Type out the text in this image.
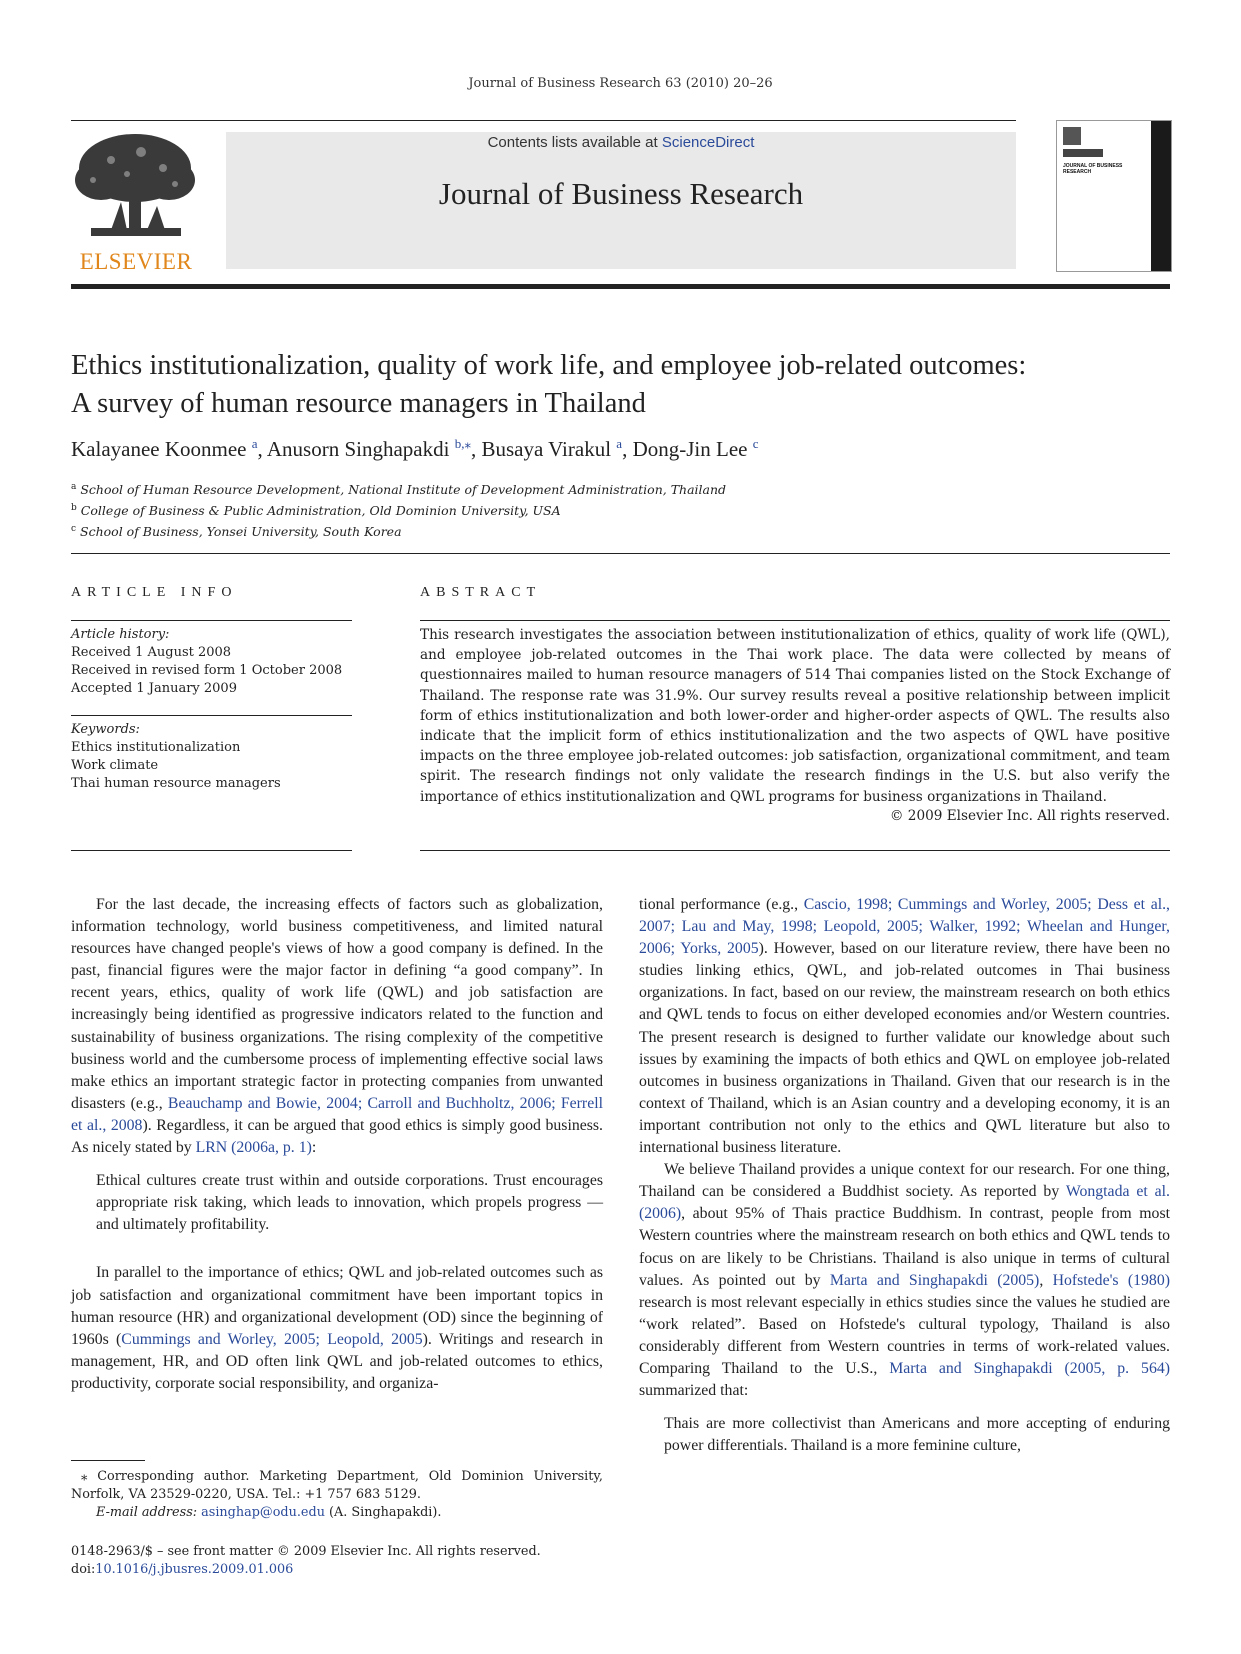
Journal of Business Research 63 (2010) 20–26
ELSEVIER
Contents lists available at ScienceDirect
Journal of Business Research
JOURNAL OF BUSINESS RESEARCH
Ethics institutionalization, quality of work life, and employee job-related outcomes:
A survey of human resource managers in Thailand
Kalayanee Koonmee $^a$, Anusorn Singhapakdi $^{b,⁎}$, Busaya Virakul $^a$, Dong-Jin Lee $^c$
$^a$ School of Human Resource Development, National Institute of Development Administration, Thailand
$^b$ College of Business & Public Administration, Old Dominion University, USA
$^c$ School of Business, Yonsei University, South Korea
ARTICLE INFO	ABSTRACT
Article history:
Received 1 August 2008
Received in revised form 1 October 2008
Accepted 1 January 2009
Keywords:
Ethics institutionalization
Work climate
Thai human resource managers
This research investigates the association between institutionalization of ethics, quality of work life (QWL), and employee job-related outcomes in the Thai work place. The data were collected by means of questionnaires mailed to human resource managers of 514 Thai companies listed on the Stock Exchange of Thailand. The response rate was 31.9%. Our survey results reveal a positive relationship between implicit form of ethics institutionalization and both lower-order and higher-order aspects of QWL. The results also indicate that the implicit form of ethics institutionalization and the two aspects of QWL have positive impacts on the three employee job-related outcomes: job satisfaction, organizational commitment, and team spirit. The research findings not only validate the research findings in the U.S. but also verify the importance of ethics institutionalization and QWL programs for business organizations in Thailand.
© 2009 Elsevier Inc. All rights reserved.

For the last decade, the increasing effects of factors such as globalization, information technology, world business competitiveness, and limited natural resources have changed people's views of how a good company is defined. In the past, financial figures were the major factor in defining “a good company”. In recent years, ethics, quality of work life (QWL) and job satisfaction are increasingly being identified as progressive indicators related to the function and sustainability of business organizations. The rising complexity of the competitive business world and the cumbersome process of implementing effective social laws make ethics an important strategic factor in protecting companies from unwanted disasters (e.g., Beauchamp and Bowie, 2004; Carroll and Buchholtz, 2006; Ferrell et al., 2008). Regardless, it can be argued that good ethics is simply good business. As nicely stated by LRN (2006a, p. 1):

Ethical cultures create trust within and outside corporations. Trust encourages appropriate risk taking, which leads to innovation, which propels progress — and ultimately profitability.

In parallel to the importance of ethics; QWL and job-related outcomes such as job satisfaction and organizational commitment have been important topics in human resource (HR) and organizational development (OD) since the beginning of 1960s (Cummings and Worley, 2005; Leopold, 2005). Writings and research in management, HR, and OD often link QWL and job-related outcomes to ethics, productivity, corporate social responsibility, and organiza-

tional performance (e.g., Cascio, 1998; Cummings and Worley, 2005; Dess et al., 2007; Lau and May, 1998; Leopold, 2005; Walker, 1992; Wheelan and Hunger, 2006; Yorks, 2005). However, based on our literature review, there have been no studies linking ethics, QWL, and job-related outcomes in Thai business organizations. In fact, based on our review, the mainstream research on both ethics and QWL tends to focus on either developed economies and/or Western countries. The present research is designed to further validate our knowledge about such issues by examining the impacts of both ethics and QWL on employee job-related outcomes in business organizations in Thailand. Given that our research is in the context of Thailand, which is an Asian country and a developing economy, it is an important contribution not only to the ethics and QWL literature but also to international business literature.

We believe Thailand provides a unique context for our research. For one thing, Thailand can be considered a Buddhist society. As reported by Wongtada et al. (2006), about 95% of Thais practice Buddhism. In contrast, people from most Western countries where the mainstream research on both ethics and QWL tends to focus on are likely to be Christians. Thailand is also unique in terms of cultural values. As pointed out by Marta and Singhapakdi (2005), Hofstede's (1980) research is most relevant especially in ethics studies since the values he studied are “work related”. Based on Hofstede's cultural typology, Thailand is also considerably different from Western countries in terms of work-related values. Comparing Thailand to the U.S., Marta and Singhapakdi (2005, p. 564) summarized that:

Thais are more collectivist than Americans and more accepting of enduring power differentials. Thailand is a more feminine culture,

⁎ Corresponding author. Marketing Department, Old Dominion University, Norfolk, VA 23529-0220, USA. Tel.: +1 757 683 5129.
E-mail address: asinghap@odu.edu (A. Singhapakdi).
0148-2963/$ – see front matter © 2009 Elsevier Inc. All rights reserved.
doi:10.1016/j.jbusres.2009.01.006
